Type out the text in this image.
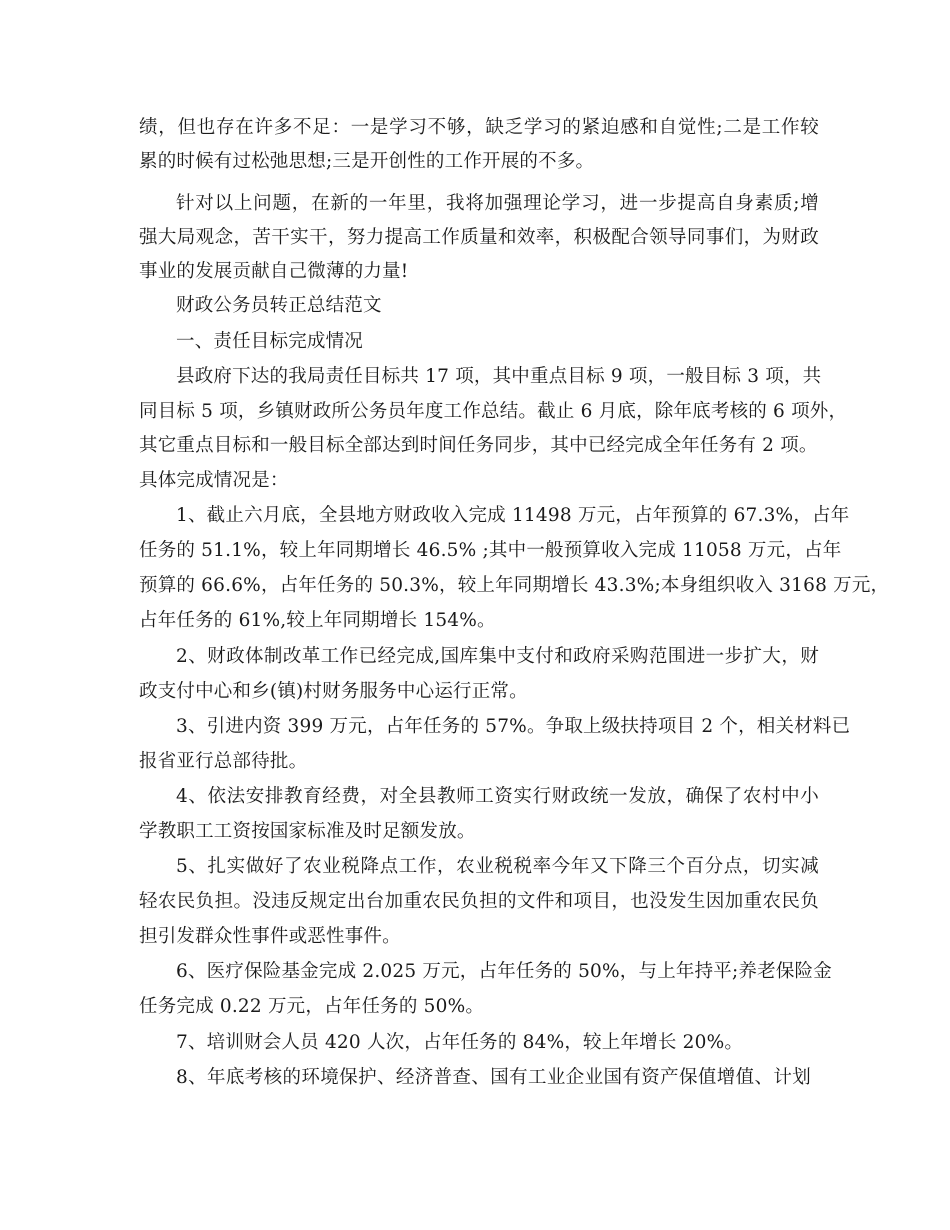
绩，但也存在许多不足：一是学习不够，缺乏学习的紧迫感和自觉性;二是工作较
累的时候有过松弛思想;三是开创性的工作开展的不多。
针对以上问题，在新的一年里，我将加强理论学习，进一步提高自身素质;增
强大局观念，苦干实干，努力提高工作质量和效率，积极配合领导同事们，为财政
事业的发展贡献自己微薄的力量!
财政公务员转正总结范文
一、责任目标完成情况
县政府下达的我局责任目标共 17 项，其中重点目标 9 项，一般目标 3 项，共
同目标 5 项，乡镇财政所公务员年度工作总结。截止 6 月底，除年底考核的 6 项外，
其它重点目标和一般目标全部达到时间任务同步，其中已经完成全年任务有 2 项。
具体完成情况是：
1、截止六月底，全县地方财政收入完成 11498 万元，占年预算的 67.3%，占年
任务的 51.1%，较上年同期增长 46.5% ;其中一般预算收入完成 11058 万元，占年
预算的 66.6%，占年任务的 50.3%，较上年同期增长 43.3%;本身组织收入 3168 万元，
占年任务的 61%,较上年同期增长 154%。
2、财政体制改革工作已经完成,国库集中支付和政府采购范围进一步扩大，财
政支付中心和乡(镇)村财务服务中心运行正常。
3、引进内资 399 万元，占年任务的 57%。争取上级扶持项目 2 个，相关材料已
报省亚行总部待批。
4、依法安排教育经费，对全县教师工资实行财政统一发放，确保了农村中小
学教职工工资按国家标准及时足额发放。
5、扎实做好了农业税降点工作，农业税税率今年又下降三个百分点，切实减
轻农民负担。没违反规定出台加重农民负担的文件和项目，也没发生因加重农民负
担引发群众性事件或恶性事件。
6、医疗保险基金完成 2.025 万元，占年任务的 50%，与上年持平;养老保险金
任务完成 0.22 万元，占年任务的 50%。
7、培训财会人员 420 人次，占年任务的 84%，较上年增长 20%。
8、年底考核的环境保护、经济普查、国有工业企业国有资产保值增值、计划
